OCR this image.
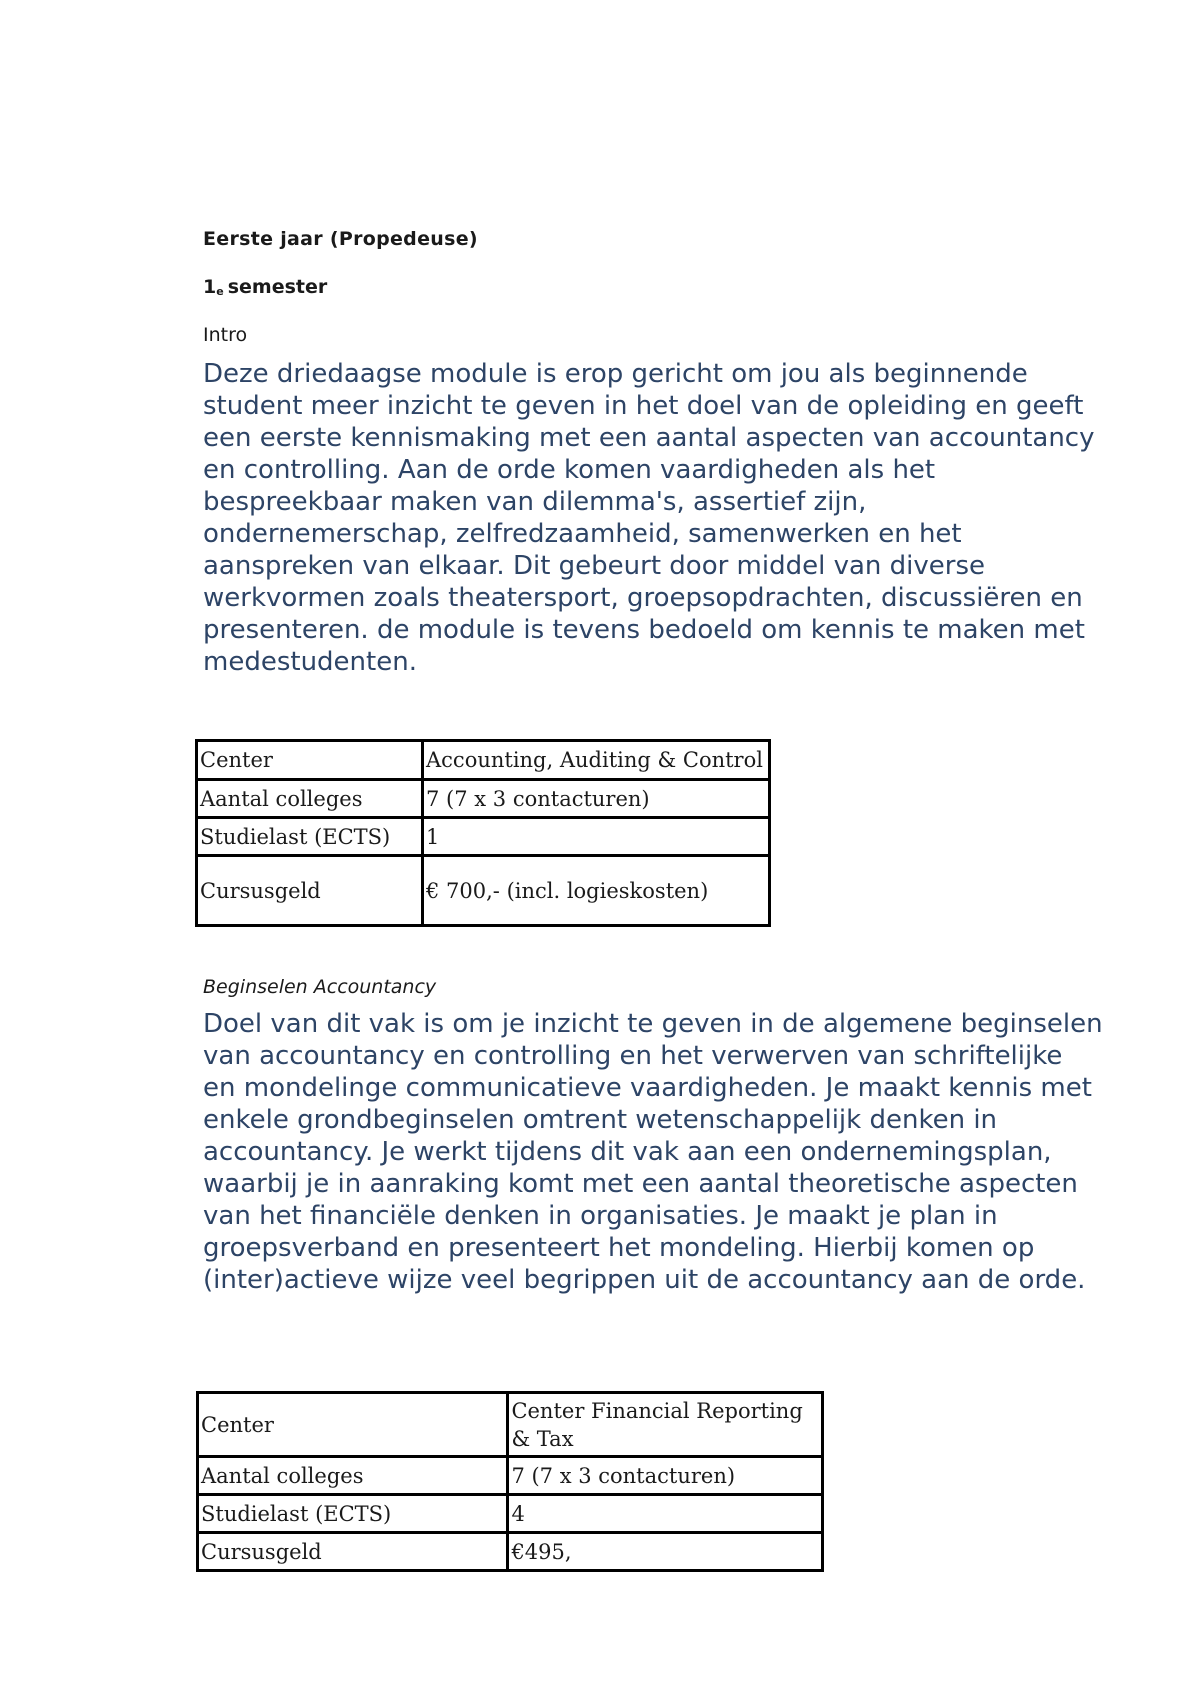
Eerste jaar (Propedeuse)
1e semester
Intro

Deze driedaagse module is erop gericht om jou als beginnende student meer inzicht te geven in het doel van de opleiding en geeft een eerste kennismaking met een aantal aspecten van accountancy en controlling. Aan de orde komen vaardigheden als het bespreekbaar maken van dilemma's, assertief zijn, ondernemerschap, zelfredzaamheid, samenwerken en het aanspreken van elkaar. Dit gebeurt door middel van diverse werkvormen zoals theatersport, groepsopdrachten, discussiëren en presenteren. de module is tevens bedoeld om kennis te maken met medestudenten.

Center	Accounting, Auditing & Control
Aantal colleges	7 (7 x 3 contacturen)
Studielast (ECTS)	1
Cursusgeld	€ 700,- (incl. logieskosten)
Beginselen Accountancy

Doel van dit vak is om je inzicht te geven in de algemene beginselen van accountancy en controlling en het verwerven van schriftelijke en mondelinge communicatieve vaardigheden. Je maakt kennis met enkele grondbeginselen omtrent wetenschappelijk denken in accountancy. Je werkt tijdens dit vak aan een ondernemingsplan, waarbij je in aanraking komt met een aantal theoretische aspecten van het financiële denken in organisaties. Je maakt je plan in groepsverband en presenteert het mondeling. Hierbij komen op (inter)actieve wijze veel begrippen uit de accountancy aan de orde.

Center	Center Financial Reporting & Tax
Aantal colleges	7 (7 x 3 contacturen)
Studielast (ECTS)	4
Cursusgeld	€495,
